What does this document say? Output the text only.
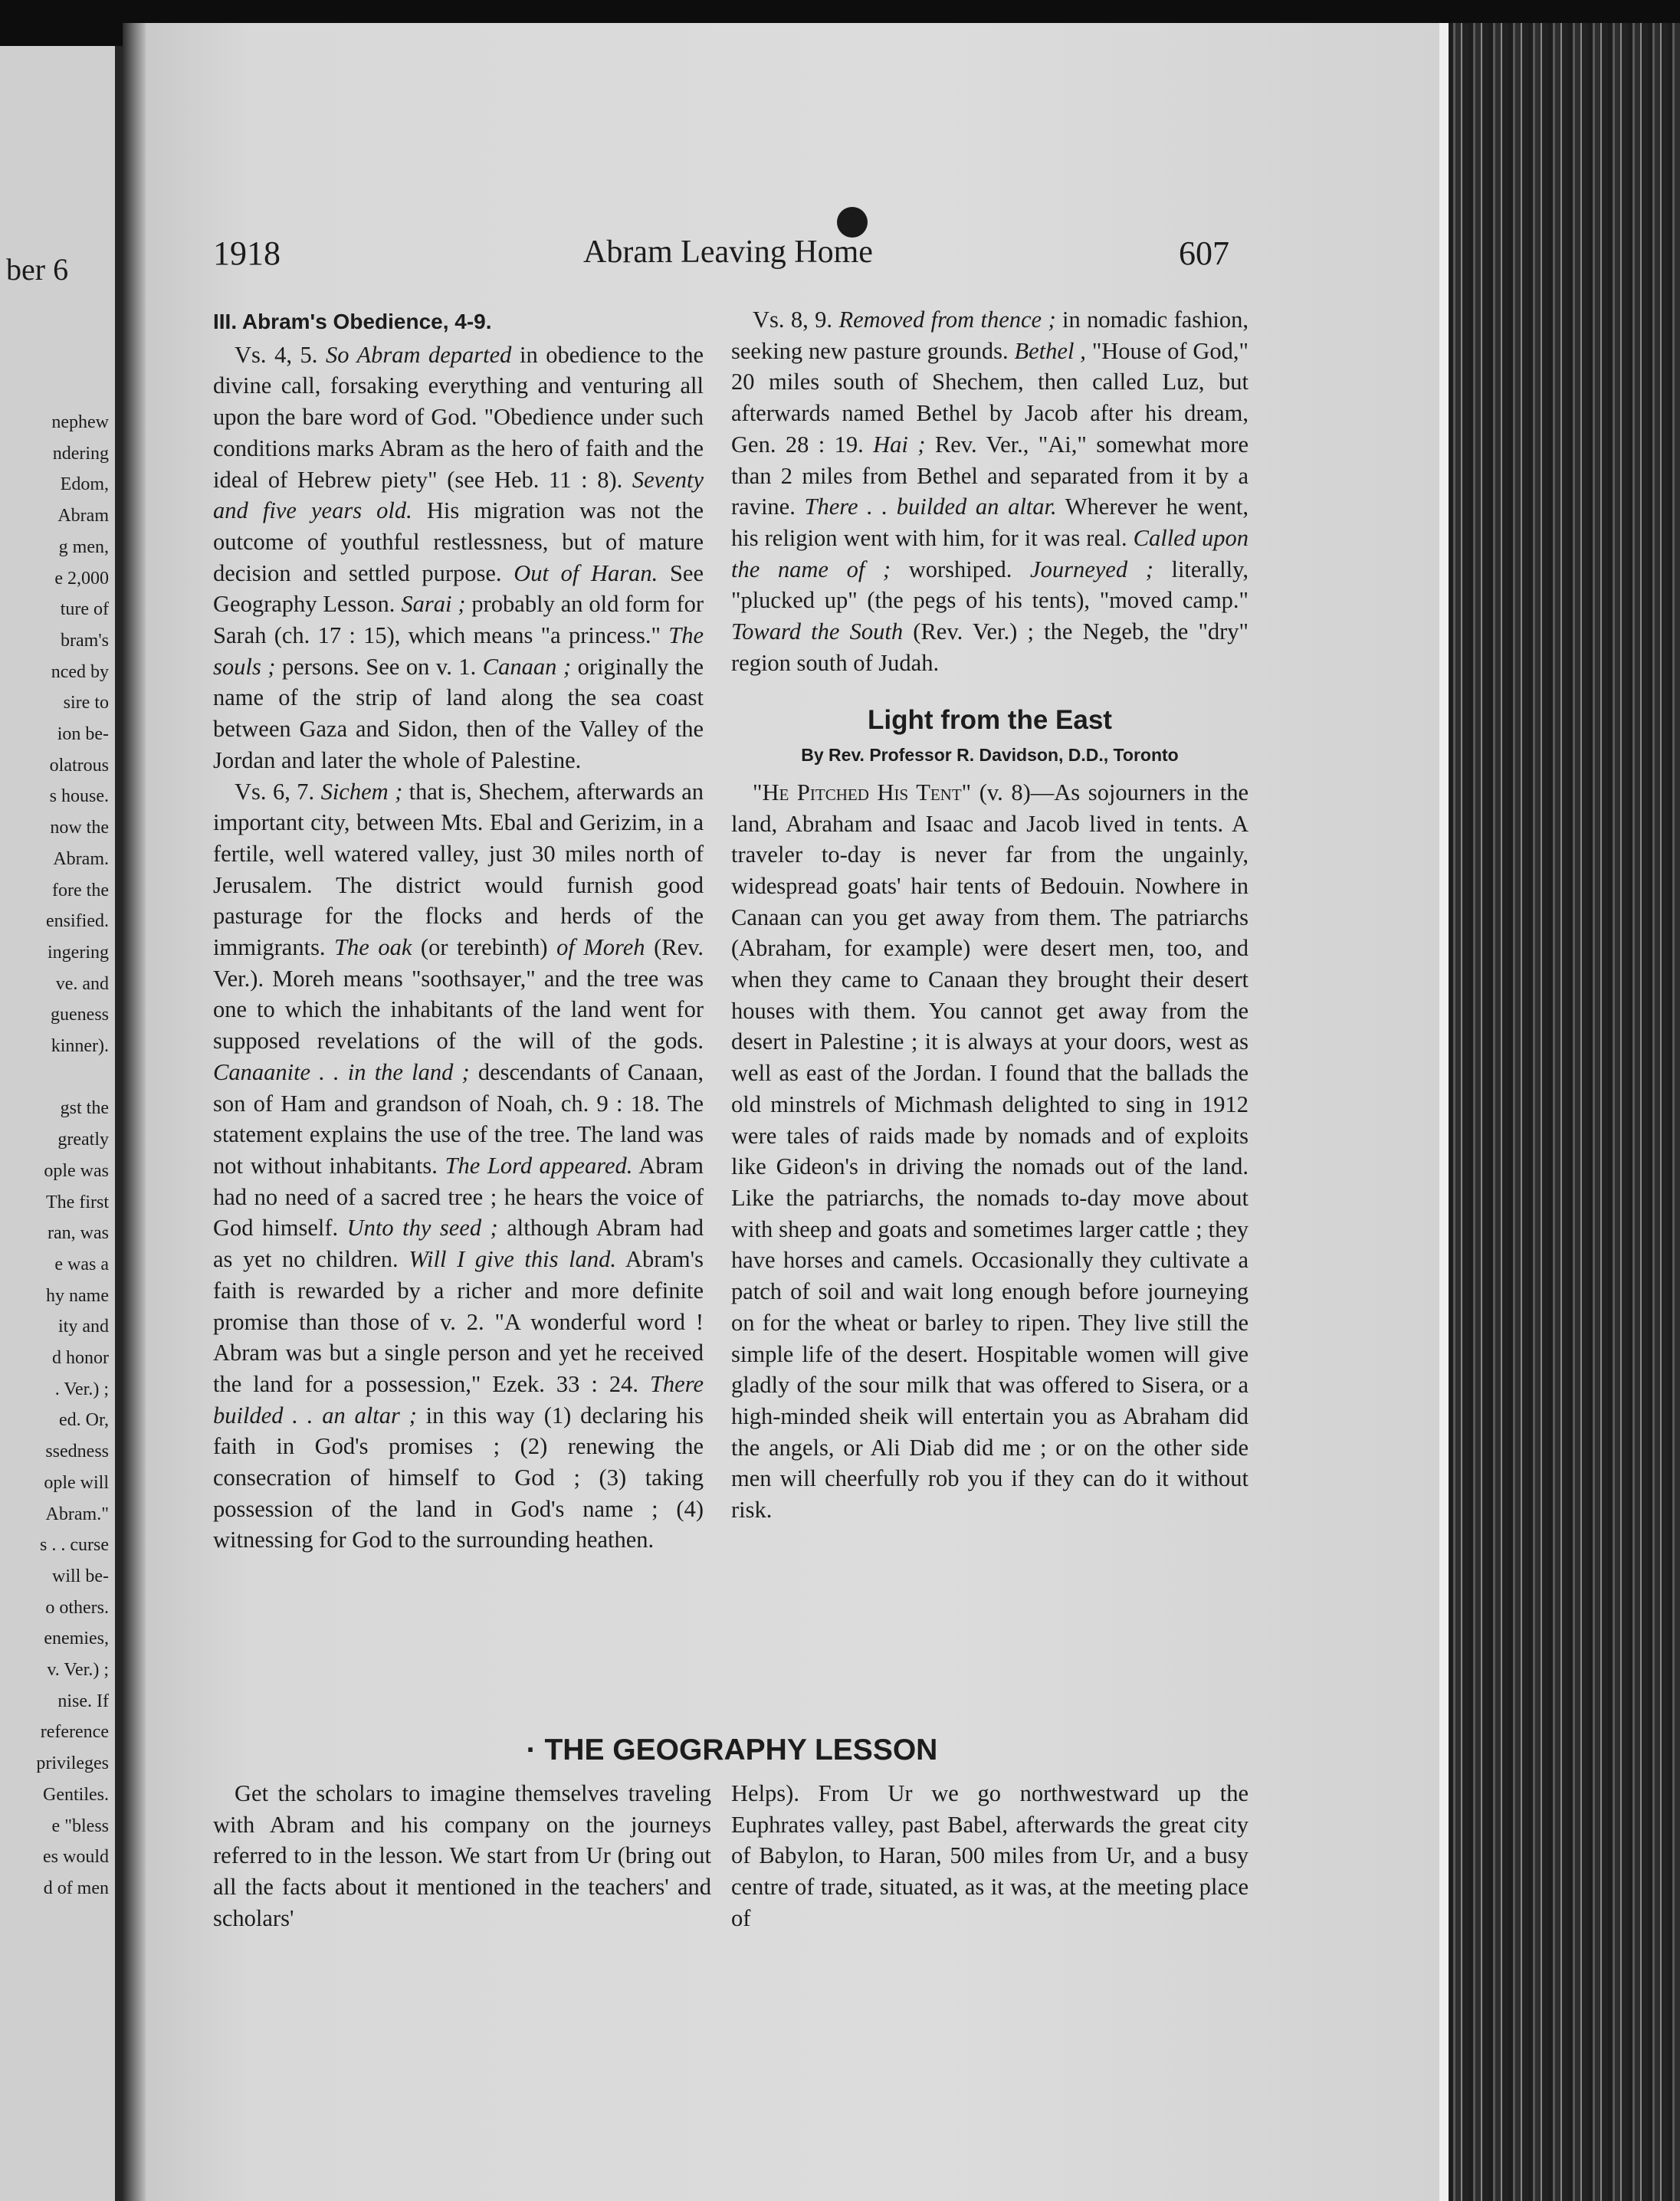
ber 6
nephew
ndering
Edom,
Abram
g men,
e 2,000
ture of
bram's
nced by
sire to
ion be-
olatrous
s house.
now the
Abram.
fore the
ensified.
ingering
ve. and
gueness
kinner).
gst the
greatly
ople was
The first
ran, was
e was a
hy name
ity and
d honor
. Ver.) ;
ed. Or,
ssedness
ople will
Abram."
s . . curse
will be-
o others.
enemies,
v. Ver.) ;
nise. If
reference
privileges
Gentiles.
e "bless
es would
d of men
1918	Abram Leaving Home	607
III. Abram's Obedience, 4-9.

Vs. 4, 5. So Abram departed in obedience to the divine call, forsaking everything and venturing all upon the bare word of God. "Obedience under such conditions marks Abram as the hero of faith and the ideal of Hebrew piety" (see Heb. 11 : 8). Seventy and five years old. His migration was not the outcome of youthful restlessness, but of mature decision and settled purpose. Out of Haran. See Geography Lesson. Sarai ; probably an old form for Sarah (ch. 17 : 15), which means "a princess." The souls ; persons. See on v. 1. Canaan ; originally the name of the strip of land along the sea coast between Gaza and Sidon, then of the Valley of the Jordan and later the whole of Palestine.

Vs. 6, 7. Sichem ; that is, Shechem, afterwards an important city, between Mts. Ebal and Gerizim, in a fertile, well watered valley, just 30 miles north of Jerusalem. The district would furnish good pasturage for the flocks and herds of the immigrants. The oak (or terebinth) of Moreh (Rev. Ver.). Moreh means "soothsayer," and the tree was one to which the inhabitants of the land went for supposed revelations of the will of the gods. Canaanite . . in the land ; descendants of Canaan, son of Ham and grandson of Noah, ch. 9 : 18. The statement explains the use of the tree. The land was not without inhabitants. The Lord appeared. Abram had no need of a sacred tree ; he hears the voice of God himself. Unto thy seed ; although Abram had as yet no children. Will I give this land. Abram's faith is rewarded by a richer and more definite promise than those of v. 2. "A wonderful word ! Abram was but a single person and yet he received the land for a possession," Ezek. 33 : 24. There builded . . an altar ; in this way (1) declaring his faith in God's promises ; (2) renewing the consecration of himself to God ; (3) taking possession of the land in God's name ; (4) witnessing for God to the surrounding heathen.

Vs. 8, 9. Removed from thence ; in nomadic fashion, seeking new pasture grounds. Bethel , "House of God," 20 miles south of Shechem, then called Luz, but afterwards named Bethel by Jacob after his dream, Gen. 28 : 19. Hai ; Rev. Ver., "Ai," somewhat more than 2 miles from Bethel and separated from it by a ravine. There . . builded an altar. Wherever he went, his religion went with him, for it was real. Called upon the name of ; worshiped. Journeyed ; literally, "plucked up" (the pegs of his tents), "moved camp." Toward the South (Rev. Ver.) ; the Negeb, the "dry" region south of Judah.

Light from the East
By Rev. Professor R. Davidson, D.D., Toronto

"He Pitched His Tent" (v. 8)—As sojourners in the land, Abraham and Isaac and Jacob lived in tents. A traveler to-day is never far from the ungainly, widespread goats' hair tents of Bedouin. Nowhere in Canaan can you get away from them. The patriarchs (Abraham, for example) were desert men, too, and when they came to Canaan they brought their desert houses with them. You cannot get away from the desert in Palestine ; it is always at your doors, west as well as east of the Jordan. I found that the ballads the old minstrels of Michmash delighted to sing in 1912 were tales of raids made by nomads and of exploits like Gideon's in driving the nomads out of the land. Like the patriarchs, the nomads to-day move about with sheep and goats and sometimes larger cattle ; they have horses and camels. Occasionally they cultivate a patch of soil and wait long enough before journeying on for the wheat or barley to ripen. They live still the simple life of the desert. Hospitable women will give gladly of the sour milk that was offered to Sisera, or a high-minded sheik will entertain you as Abraham did the angels, or Ali Diab did me ; or on the other side men will cheerfully rob you if they can do it without risk.

· THE GEOGRAPHY LESSON

Get the scholars to imagine themselves traveling with Abram and his company on the journeys referred to in the lesson. We start from Ur (bring out all the facts about it mentioned in the teachers' and scholars'

Helps). From Ur we go northwestward up the Euphrates valley, past Babel, afterwards the great city of Babylon, to Haran, 500 miles from Ur, and a busy centre of trade, situated, as it was, at the meeting place of
